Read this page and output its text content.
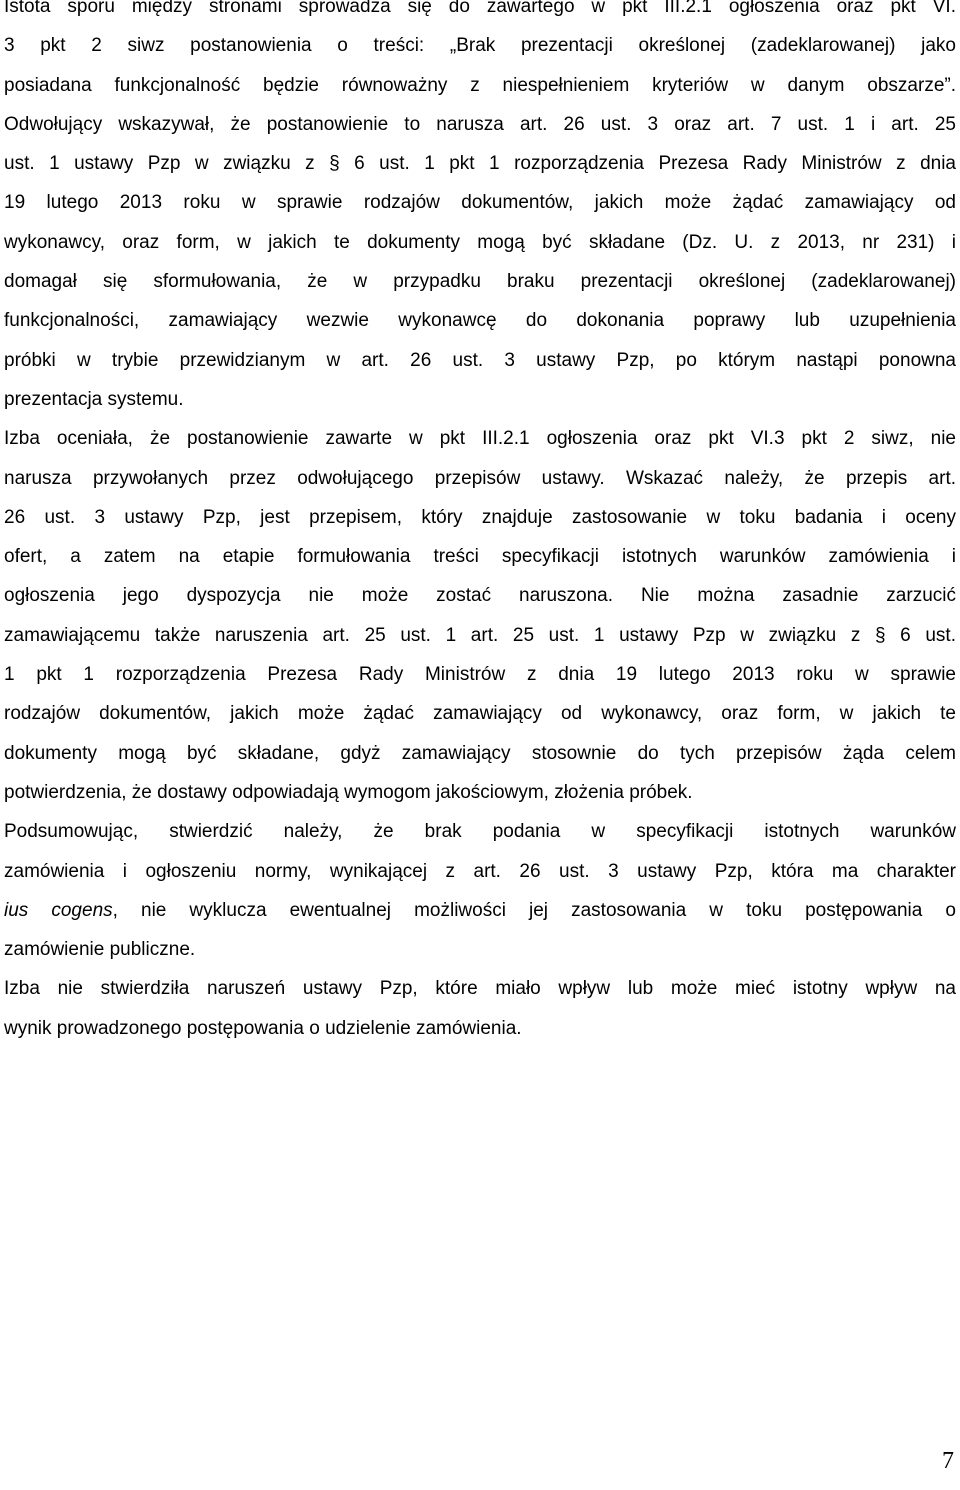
Istota sporu między stronami sprowadza się do zawartego w pkt III.2.1 ogłoszenia oraz pkt VI.
3 pkt 2 siwz postanowienia o treści: „Brak prezentacji określonej (zadeklarowanej) jako
posiadana funkcjonalność będzie równoważny z niespełnieniem kryteriów w danym obszarze”.
Odwołujący wskazywał, że postanowienie to narusza art. 26 ust. 3 oraz art. 7 ust. 1 i art. 25
ust. 1 ustawy Pzp w związku z § 6 ust. 1 pkt 1 rozporządzenia Prezesa Rady Ministrów z dnia
19 lutego 2013 roku w sprawie rodzajów dokumentów, jakich może żądać zamawiający od
wykonawcy, oraz form, w jakich te dokumenty mogą być składane (Dz. U. z 2013, nr 231) i
domagał się sformułowania, że w przypadku braku prezentacji określonej (zadeklarowanej)
funkcjonalności, zamawiający wezwie wykonawcę do dokonania poprawy lub uzupełnienia
próbki w trybie przewidzianym w art. 26 ust. 3 ustawy Pzp, po którym nastąpi ponowna
prezentacja systemu.

Izba oceniała, że postanowienie zawarte w pkt III.2.1 ogłoszenia oraz pkt VI.3 pkt 2 siwz, nie
narusza przywołanych przez odwołującego przepisów ustawy. Wskazać należy, że przepis art.
26 ust. 3 ustawy Pzp, jest przepisem, który znajduje zastosowanie w toku badania i oceny
ofert, a zatem na etapie formułowania treści specyfikacji istotnych warunków zamówienia i
ogłoszenia jego dyspozycja nie może zostać naruszona. Nie można zasadnie zarzucić
zamawiającemu także naruszenia art. 25 ust. 1 art. 25 ust. 1 ustawy Pzp w związku z § 6 ust.
1 pkt 1 rozporządzenia Prezesa Rady Ministrów z dnia 19 lutego 2013 roku w sprawie
rodzajów dokumentów, jakich może żądać zamawiający od wykonawcy, oraz form, w jakich te
dokumenty mogą być składane, gdyż zamawiający stosownie do tych przepisów żąda celem
potwierdzenia, że dostawy odpowiadają wymogom jakościowym, złożenia próbek.

Podsumowując, stwierdzić należy, że brak podania w specyfikacji istotnych warunków
zamówienia i ogłoszeniu normy, wynikającej z art. 26 ust. 3 ustawy Pzp, która ma charakter
ius cogens, nie wyklucza ewentualnej możliwości jej zastosowania w toku postępowania o
zamówienie publiczne.

Izba nie stwierdziła naruszeń ustawy Pzp, które miało wpływ lub może mieć istotny wpływ na
wynik prowadzonego postępowania o udzielenie zamówienia.

7
